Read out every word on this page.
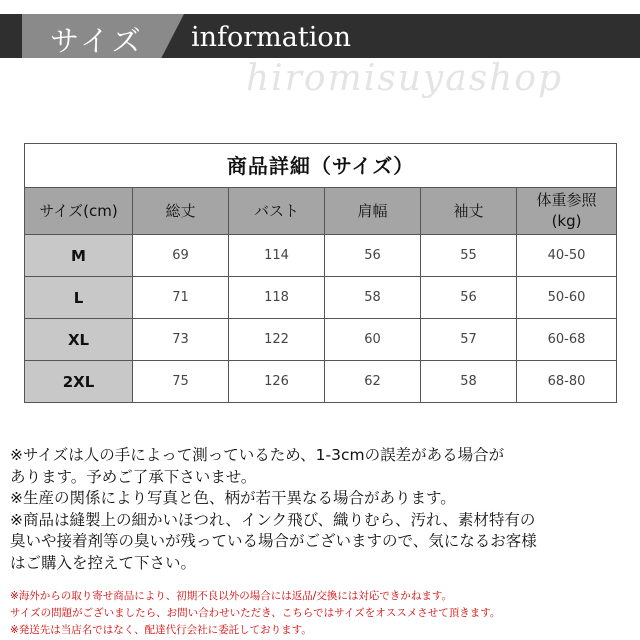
サイズ information
hiromisuyashop
商品詳細（サイズ）					
サイズ(cm)	総丈	バスト	肩幅	袖丈	体重参照
(kg)
M	69	114	56	55	40-50
L	71	118	58	56	50-60
XL	73	122	60	57	60-68
2XL	75	126	62	58	68-80

※サイズは人の手によって測っているため、1-3cmの誤差がある場合が
あります。予めご了承下さいませ。

※生産の関係により写真と色、柄が若干異なる場合があります。

※商品は縫製上の細かいほつれ、インク飛び、織りむら、汚れ、素材特有の
臭いや接着剤等の臭いが残っている場合がございますので、気になるお客様
はご購入を控えて下さい。

※海外からの取り寄せ商品により、初期不良以外の場合には返品/交換には対応できかねます。

サイズの問題がございましたら、お問い合わせいただき、こちらではサイズをオススメさせて頂きます。

※発送先は当店名ではなく、配達代行会社に委託しております。
